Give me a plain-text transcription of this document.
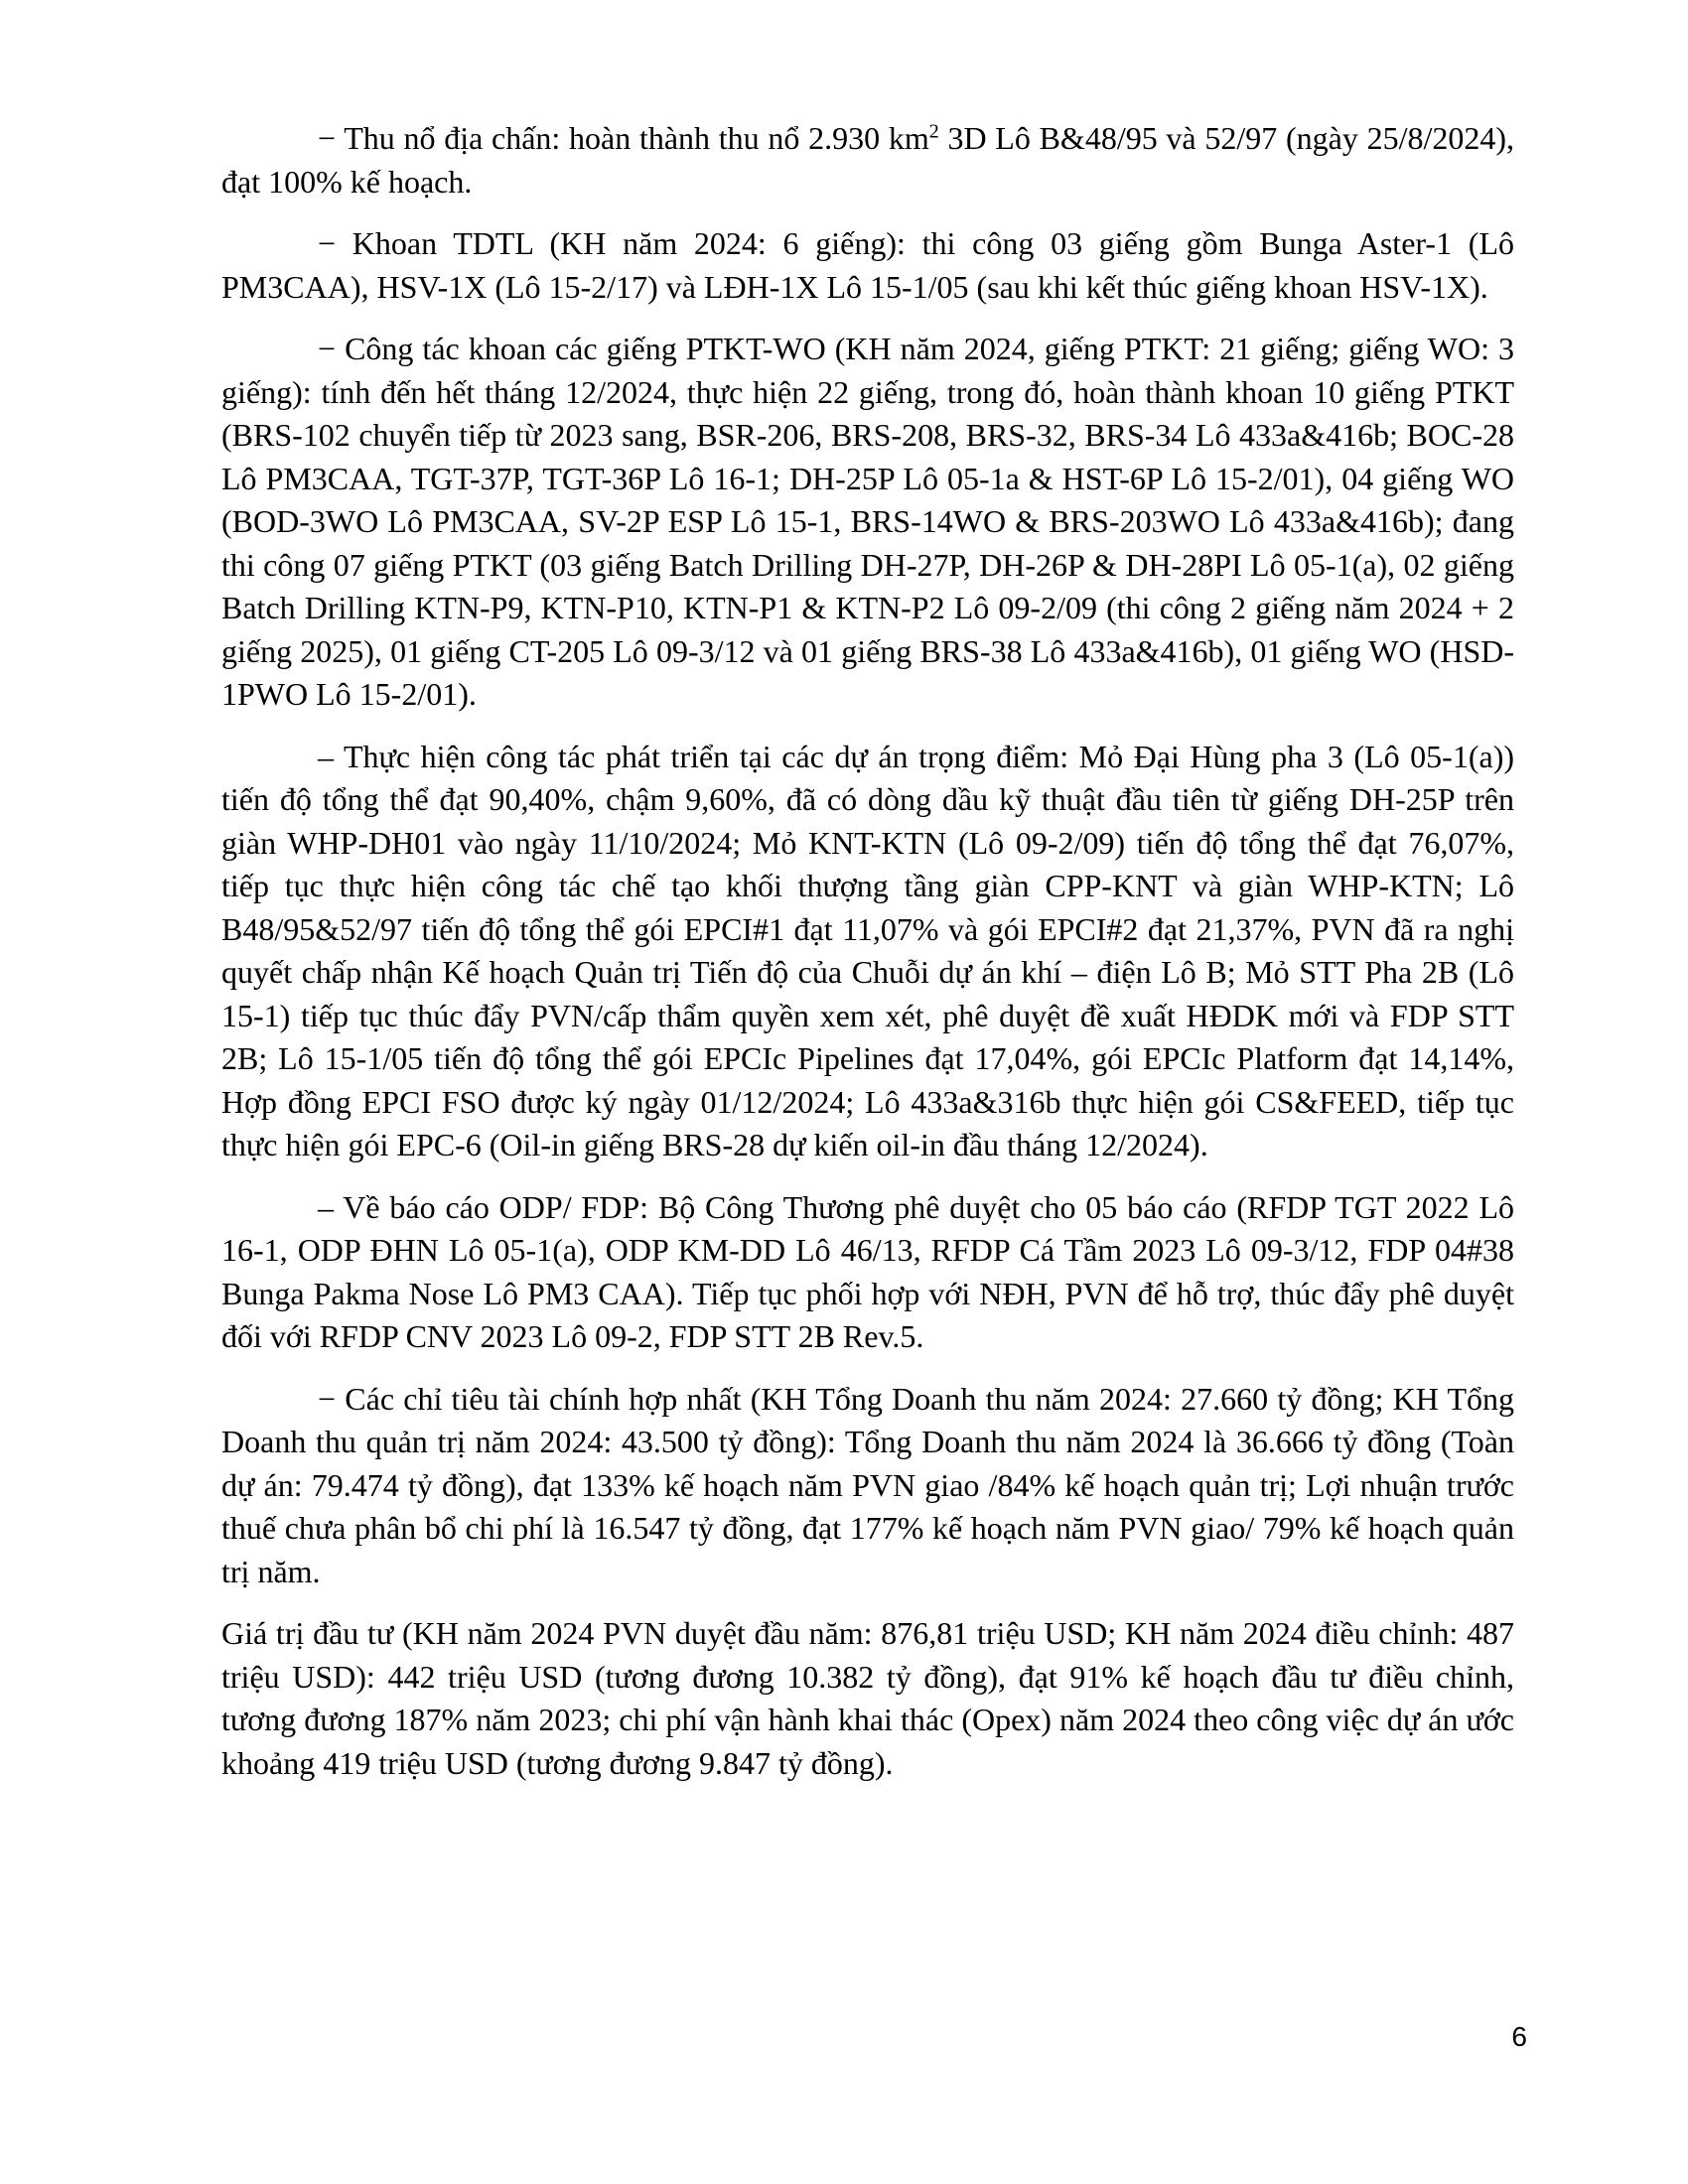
− Thu nổ địa chấn: hoàn thành thu nổ 2.930 $km^2$ 3D Lô B&48/95 và 52/97 (ngày 25/8/2024), đạt 100% kế hoạch.

− Khoan TDTL (KH năm 2024: 6 giếng): thi công 03 giếng gồm Bunga Aster-1 (Lô PM3CAA), HSV-1X (Lô 15-2/17) và LĐH-1X Lô 15-1/05 (sau khi kết thúc giếng khoan HSV-1X).

− Công tác khoan các giếng PTKT-WO (KH năm 2024, giếng PTKT: 21 giếng; giếng WO: 3 giếng): tính đến hết tháng 12/2024, thực hiện 22 giếng, trong đó, hoàn thành khoan 10 giếng PTKT (BRS-102 chuyển tiếp từ 2023 sang, BSR-206, BRS-208, BRS-32, BRS-34 Lô 433a&416b; BOC-28 Lô PM3CAA, TGT-37P, TGT-36P Lô 16-1; DH-25P Lô 05-1a & HST-6P Lô 15-2/01), 04 giếng WO (BOD-3WO Lô PM3CAA, SV-2P ESP Lô 15-1, BRS-14WO & BRS-203WO Lô 433a&416b); đang thi công 07 giếng PTKT (03 giếng Batch Drilling DH-27P, DH-26P & DH-28PI Lô 05-1(a), 02 giếng Batch Drilling KTN-P9, KTN-P10, KTN-P1 & KTN-P2 Lô 09-2/09 (thi công 2 giếng năm 2024 + 2 giếng 2025), 01 giếng CT-205 Lô 09-3/12 và 01 giếng BRS-38 Lô 433a&416b), 01 giếng WO (HSD-1PWO Lô 15-2/01).

– Thực hiện công tác phát triển tại các dự án trọng điểm: Mỏ Đại Hùng pha 3 (Lô 05-1(a)) tiến độ tổng thể đạt 90,40%, chậm 9,60%, đã có dòng dầu kỹ thuật đầu tiên từ giếng DH-25P trên giàn WHP-DH01 vào ngày 11/10/2024; Mỏ KNT-KTN (Lô 09-2/09) tiến độ tổng thể đạt 76,07%, tiếp tục thực hiện công tác chế tạo khối thượng tầng giàn CPP-KNT và giàn WHP-KTN; Lô B48/95&52/97 tiến độ tổng thể gói EPCI#1 đạt 11,07% và gói EPCI#2 đạt 21,37%, PVN đã ra nghị quyết chấp nhận Kế hoạch Quản trị Tiến độ của Chuỗi dự án khí – điện Lô B; Mỏ STT Pha 2B (Lô 15-1) tiếp tục thúc đẩy PVN/cấp thẩm quyền xem xét, phê duyệt đề xuất HĐDK mới và FDP STT 2B; Lô 15-1/05 tiến độ tổng thể gói EPCIc Pipelines đạt 17,04%, gói EPCIc Platform đạt 14,14%, Hợp đồng EPCI FSO được ký ngày 01/12/2024; Lô 433a&316b thực hiện gói CS&FEED, tiếp tục thực hiện gói EPC-6 (Oil-in giếng BRS-28 dự kiến oil-in đầu tháng 12/2024).

– Về báo cáo ODP/ FDP: Bộ Công Thương phê duyệt cho 05 báo cáo (RFDP TGT 2022 Lô 16-1, ODP ĐHN Lô 05-1(a), ODP KM-DD Lô 46/13, RFDP Cá Tầm 2023 Lô 09-3/12, FDP 04#38 Bunga Pakma Nose Lô PM3 CAA). Tiếp tục phối hợp với NĐH, PVN để hỗ trợ, thúc đẩy phê duyệt đối với RFDP CNV 2023 Lô 09-2, FDP STT 2B Rev.5.

− Các chỉ tiêu tài chính hợp nhất (KH Tổng Doanh thu năm 2024: 27.660 tỷ đồng; KH Tổng Doanh thu quản trị năm 2024: 43.500 tỷ đồng): Tổng Doanh thu năm 2024 là 36.666 tỷ đồng (Toàn dự án: 79.474 tỷ đồng), đạt 133% kế hoạch năm PVN giao /84% kế hoạch quản trị; Lợi nhuận trước thuế chưa phân bổ chi phí là 16.547 tỷ đồng, đạt 177% kế hoạch năm PVN giao/ 79% kế hoạch quản trị năm.

Giá trị đầu tư (KH năm 2024 PVN duyệt đầu năm: 876,81 triệu USD; KH năm 2024 điều chỉnh: 487 triệu USD): 442 triệu USD (tương đương 10.382 tỷ đồng), đạt 91% kế hoạch đầu tư điều chỉnh, tương đương 187% năm 2023; chi phí vận hành khai thác (Opex) năm 2024 theo công việc dự án ước khoảng 419 triệu USD (tương đương 9.847 tỷ đồng).

6
